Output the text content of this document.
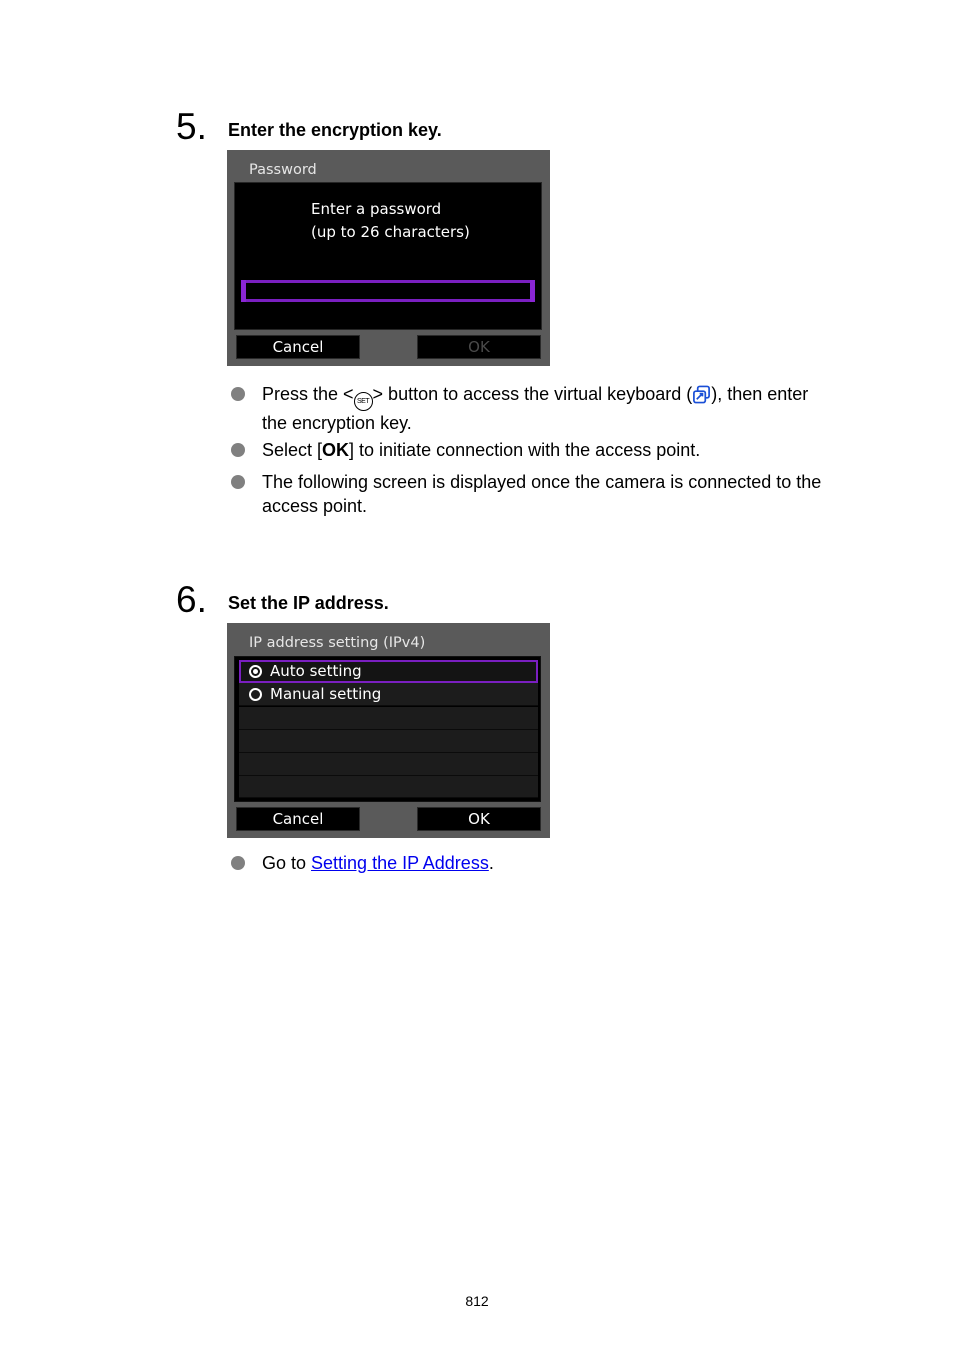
5. Enter the encryption key.
Password
Enter a password
(up to 26 characters)
Cancel	OK
Press the < SET > button to access the virtual keyboard ( ), then enter
the encryption key.
Select [OK] to initiate connection with the access point.
The following screen is displayed once the camera is connected to the
access point.
6. Set the IP address.
IP address setting (IPv4)
Auto setting
Manual setting
Cancel	OK
Go to Setting the IP Address.
812
